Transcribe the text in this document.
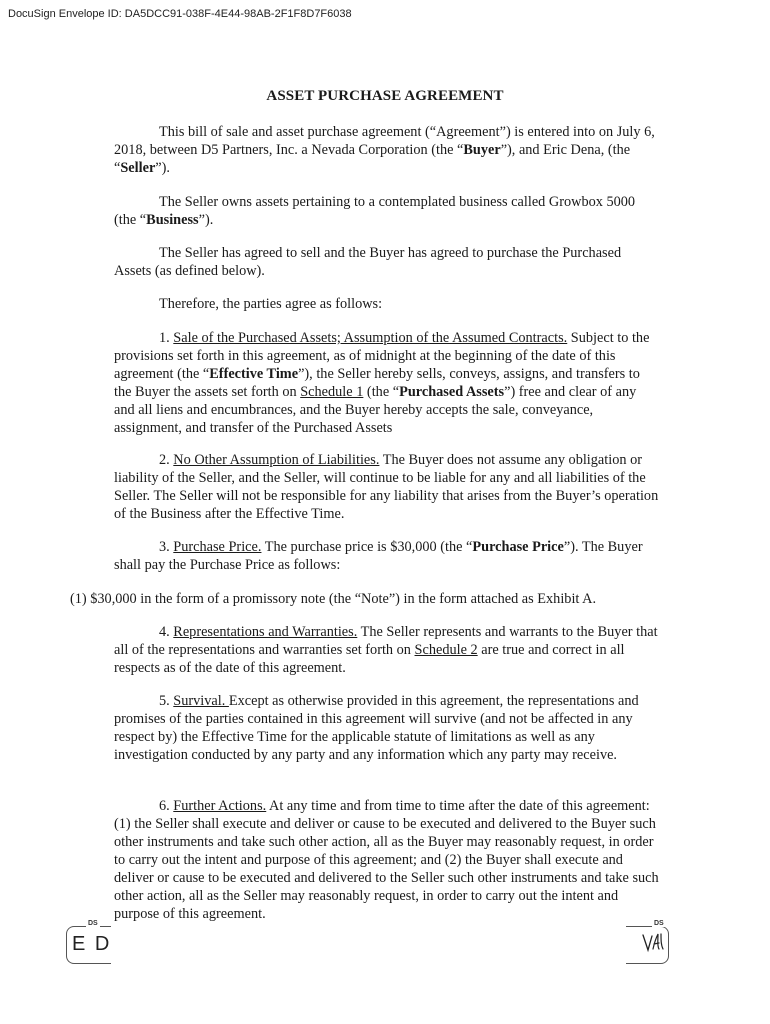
DocuSign Envelope ID: DA5DCC91-038F-4E44-98AB-2F1F8D7F6038
ASSET PURCHASE AGREEMENT

This bill of sale and asset purchase agreement (“Agreement”) is entered into on July 6, 2018, between D5 Partners, Inc. a Nevada Corporation (the “Buyer”), and Eric Dena, (the “Seller”).

The Seller owns assets pertaining to a contemplated business called Growbox 5000 (the “Business”).

The Seller has agreed to sell and the Buyer has agreed to purchase the Purchased Assets (as defined below).

Therefore, the parties agree as follows:

1. Sale of the Purchased Assets; Assumption of the Assumed Contracts. Subject to the provisions set forth in this agreement, as of midnight at the beginning of the date of this agreement (the “Effective Time”), the Seller hereby sells, conveys, assigns, and transfers to the Buyer the assets set forth on Schedule 1 (the “Purchased Assets”) free and clear of any and all liens and encumbrances, and the Buyer hereby accepts the sale, conveyance, assignment, and transfer of the Purchased Assets

2. No Other Assumption of Liabilities. The Buyer does not assume any obligation or liability of the Seller, and the Seller, will continue to be liable for any and all liabilities of the Seller. The Seller will not be responsible for any liability that arises from the Buyer’s operation of the Business after the Effective Time.

3. Purchase Price. The purchase price is $30,000 (the “Purchase Price”). The Buyer shall pay the Purchase Price as follows:

(1) $30,000 in the form of a promissory note (the “Note”) in the form attached as Exhibit A.

4. Representations and Warranties. The Seller represents and warrants to the Buyer that all of the representations and warranties set forth on Schedule 2 are true and correct in all respects as of the date of this agreement.

5. Survival. Except as otherwise provided in this agreement, the representations and promises of the parties contained in this agreement will survive (and not be affected in any respect by) the Effective Time for the applicable statute of limitations as well as any investigation conducted by any party and any information which any party may receive.

6. Further Actions. At any time and from time to time after the date of this agreement: (1) the Seller shall execute and deliver or cause to be executed and delivered to the Buyer such other instruments and take such other action, all as the Buyer may reasonably request, in order to carry out the intent and purpose of this agreement; and (2) the Buyer shall execute and deliver or cause to be executed and delivered to the Seller such other instruments and take such other action, all as the Seller may reasonably request, in order to carry out the intent and purpose of this agreement.

DS
E D
DS
